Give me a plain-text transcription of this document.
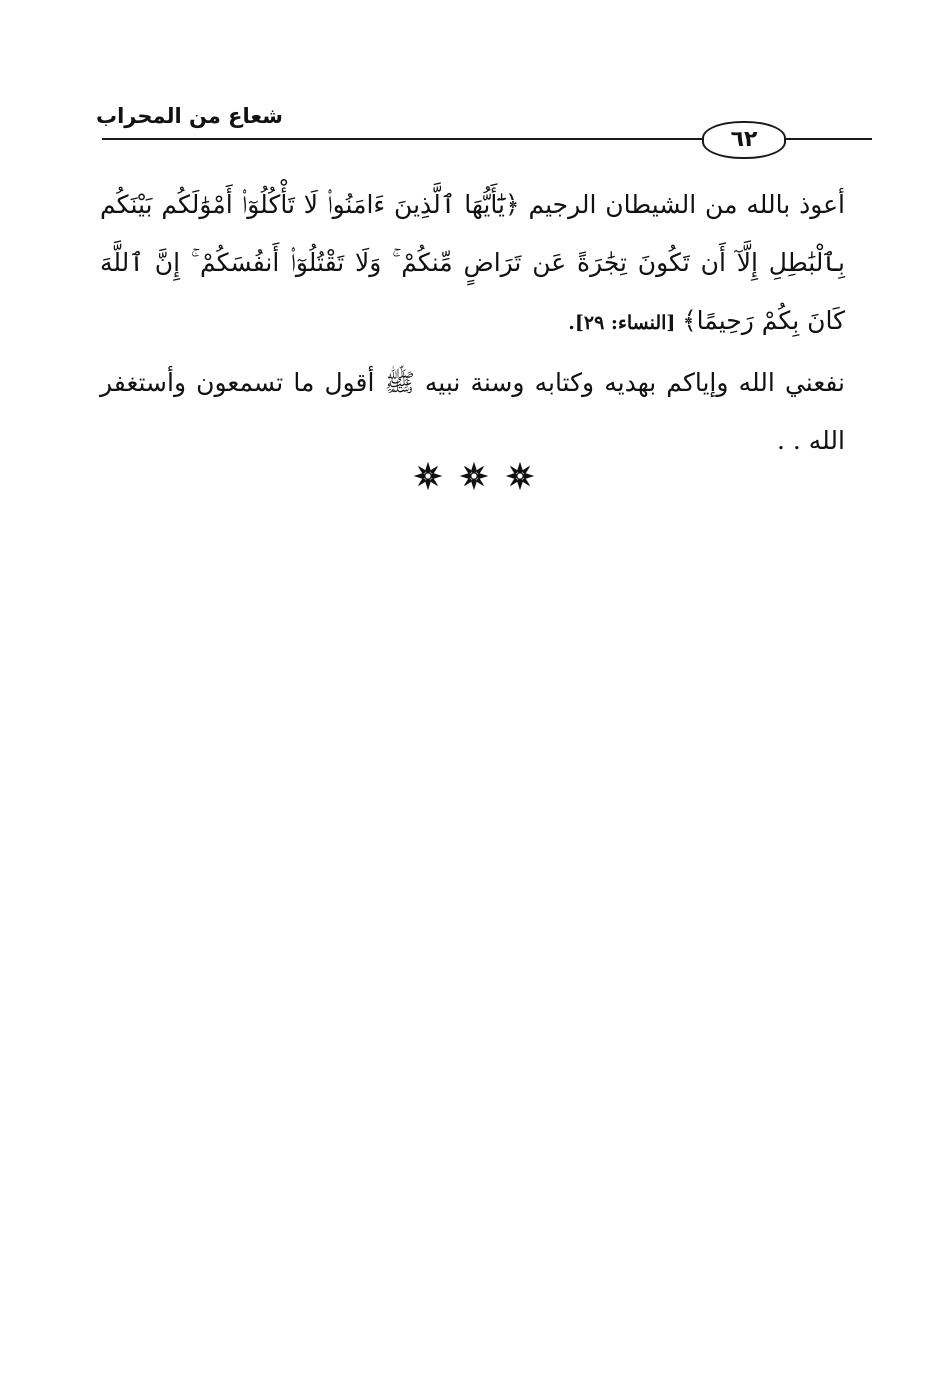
شعاع من المحراب
٦٢

أعوذ بالله من الشيطان الرجيم ﴿يَٰٓأَيُّهَا ٱلَّذِينَ ءَامَنُوا۟ لَا تَأْكُلُوٓا۟ أَمْوَٰلَكُم بَيْنَكُم بِٱلْبَٰطِلِ إِلَّآ أَن تَكُونَ تِجَٰرَةً عَن تَرَاضٍ مِّنكُمْ ۚ وَلَا تَقْتُلُوٓا۟ أَنفُسَكُمْ ۚ إِنَّ ٱللَّهَ كَانَ بِكُمْ رَحِيمًا﴾ [النساء: ٢٩].

نفعني الله وإياكم بهديه وكتابه وسنة نبيه ﷺ أقول ما تسمعون وأستغفر الله . .
